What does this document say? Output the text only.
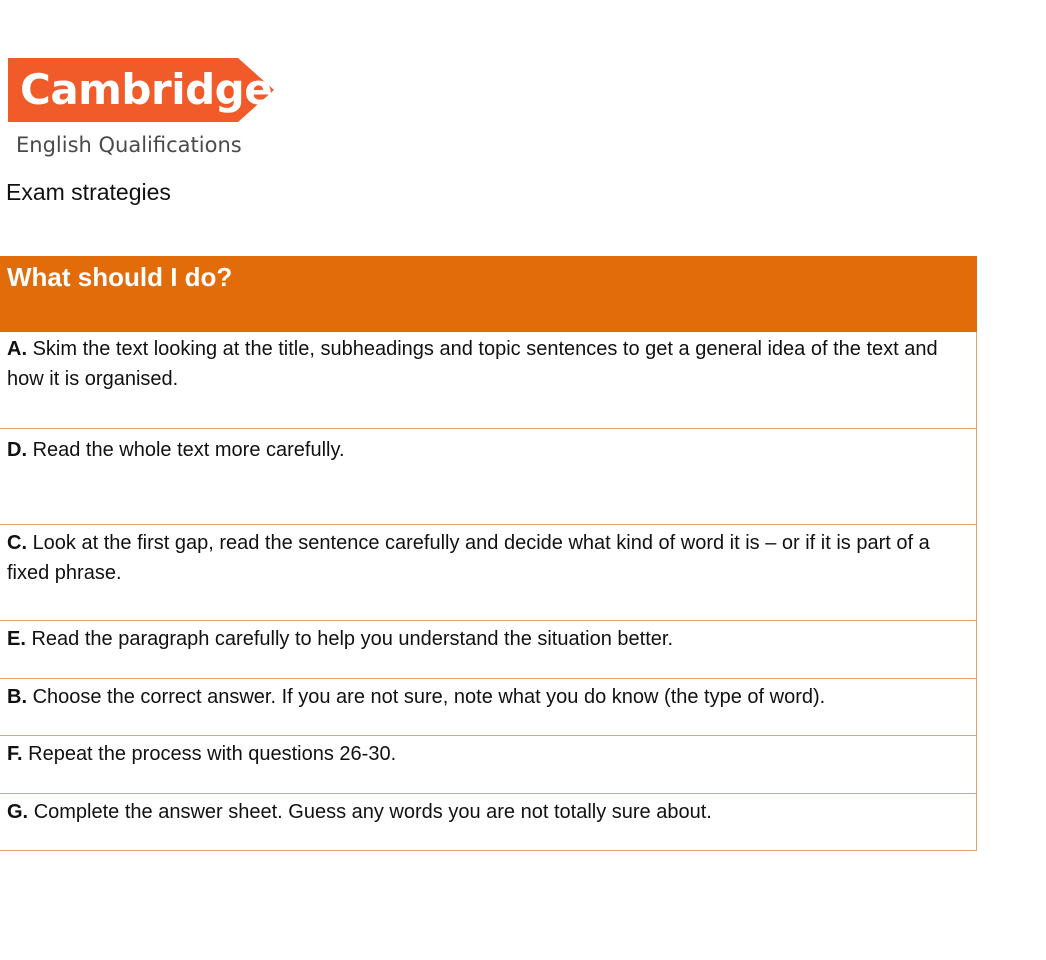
Cambridge
English Qualifications
Exam strategies
What should I do?
A. Skim the text looking at the title, subheadings and topic sentences to get a general idea of the text and how it is organised.
D. Read the whole text more carefully.
C. Look at the first gap, read the sentence carefully and decide what kind of word it is – or if it is part of a fixed phrase.
E. Read the paragraph carefully to help you understand the situation better.
B. Choose the correct answer. If you are not sure, note what you do know (the type of word).
F. Repeat the process with questions 26-30.
G. Complete the answer sheet. Guess any words you are not totally sure about.
